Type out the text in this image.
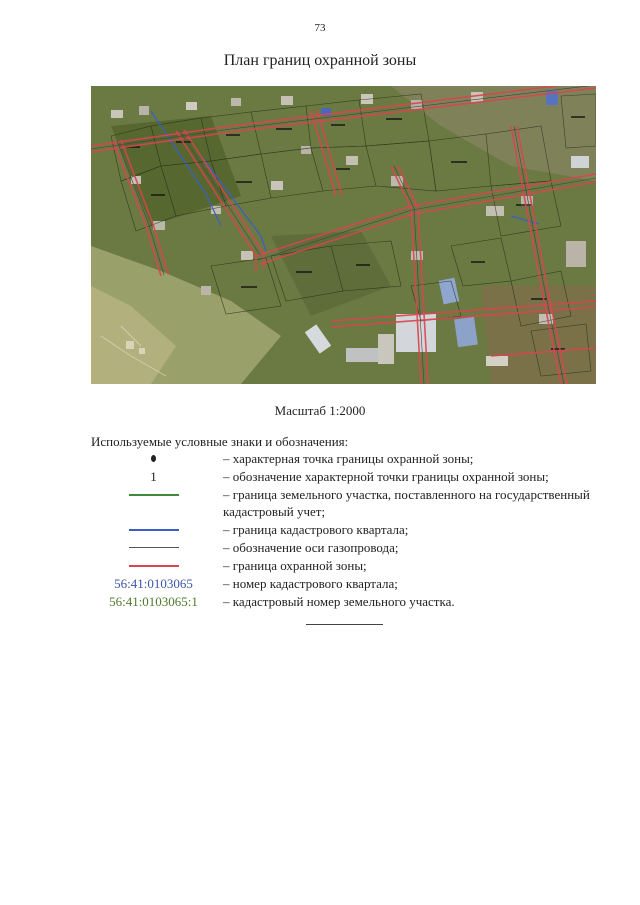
73
План границ охранной зоны
Масштаб 1:2000
Используемые условные знаки и обозначения:
– характерная точка границы охранной зоны;
1	– обозначение характерной точки границы охранной зоны;
– граница земельного участка, поставленного на государственный кадастровый учет;
– граница кадастрового квартала;
– обозначение оси газопровода;
– граница охранной зоны;
56:41:0103065	– номер кадастрового квартала;
56:41:0103065:1	– кадастровый номер земельного участка.
